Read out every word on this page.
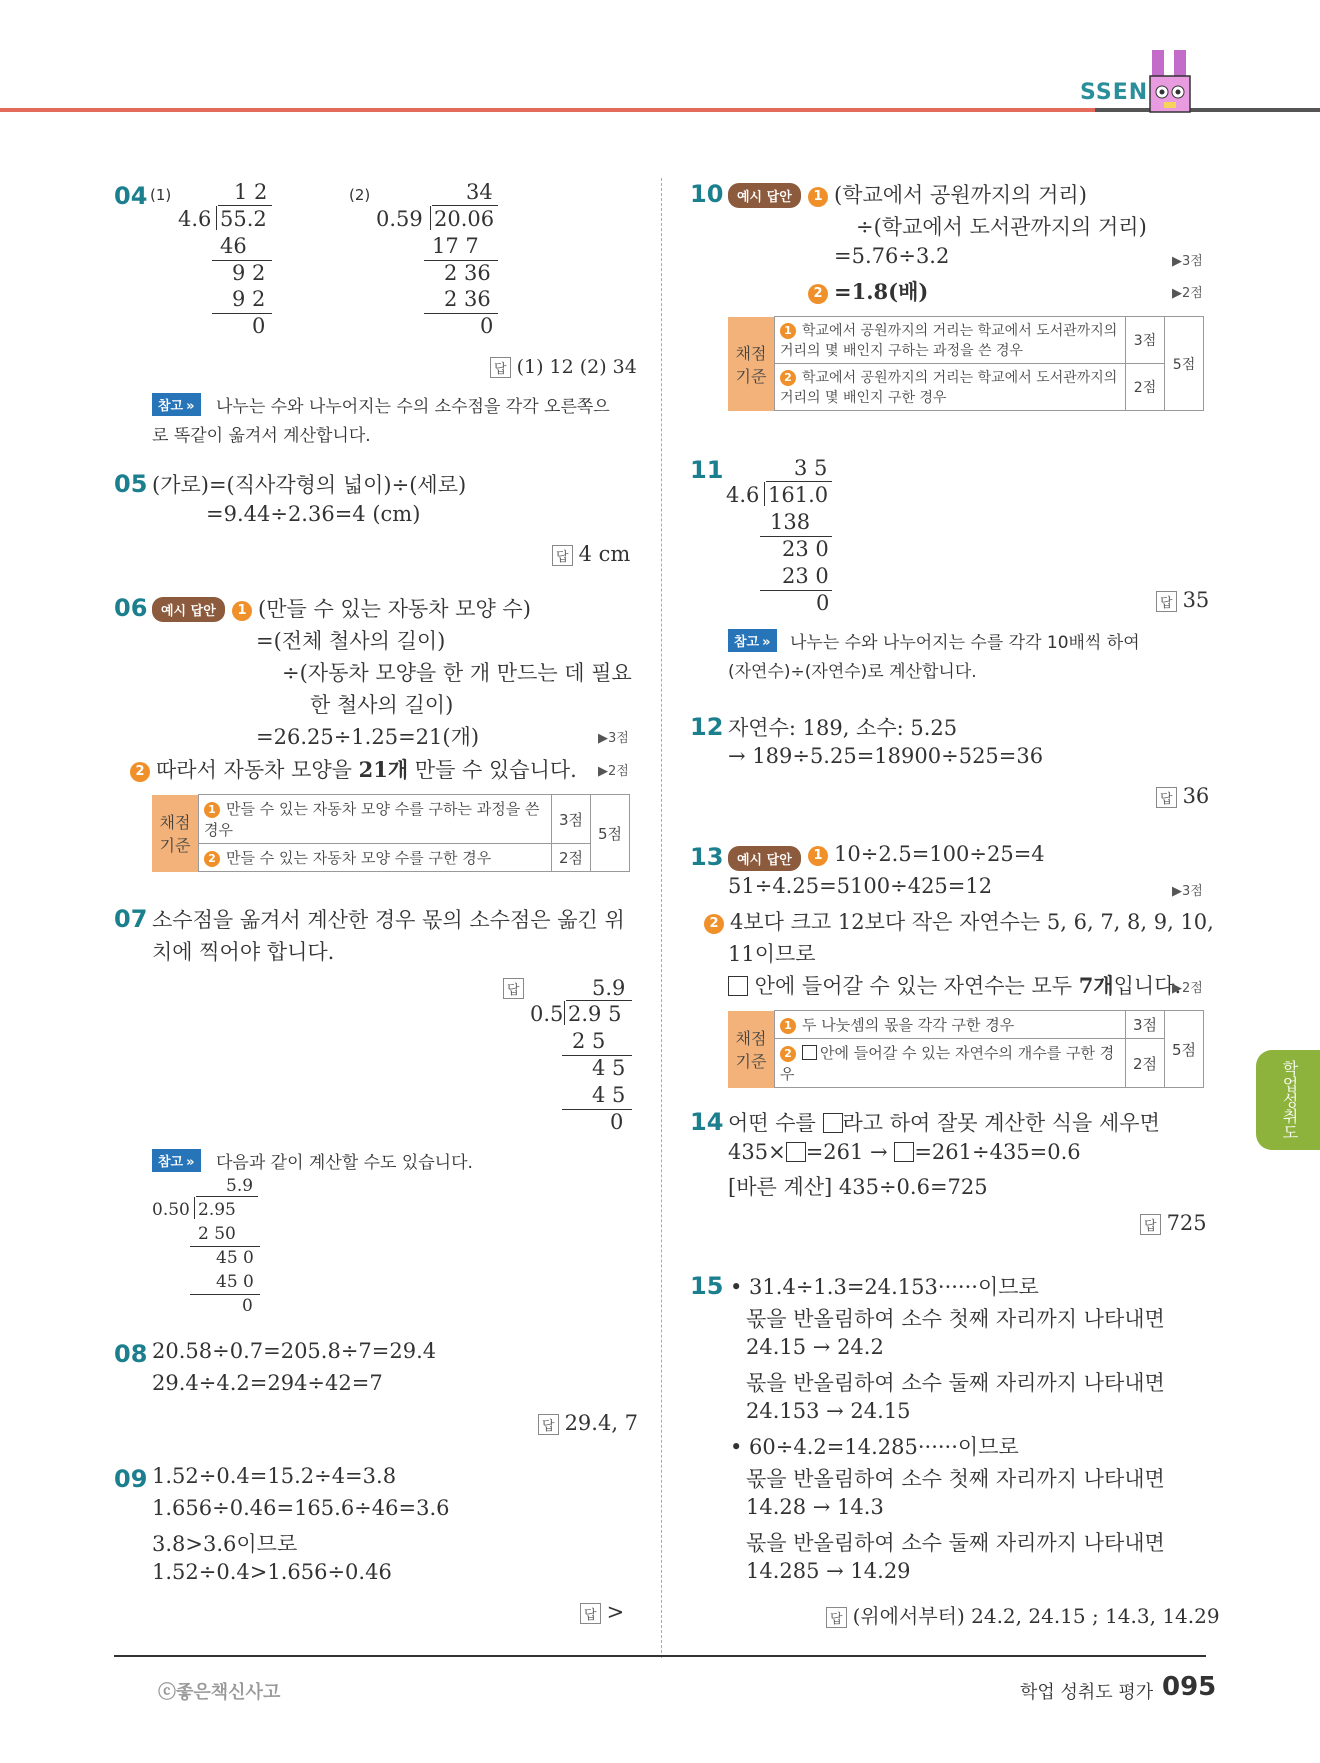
SSEN
04 (1)	1 2
4.6 55.2
46
9 2
9 2
0
(2)	34
0.59 20.06
17 7
2 36
2 36
0
답 (1) 12 (2) 34
참고 »	나누는 수와 나누어지는 수의 소수점을 각각 오른쪽으
로 똑같이 옮겨서 계산합니다.
05 (가로)=(직사각형의 넓이)÷(세로)
=9.44÷2.36=4 (cm)
답 4 cm
06	예시 답안	1 (만들 수 있는 자동차 모양 수)
=(전체 철사의 길이)
÷(자동차 모양을 한 개 만드는 데 필요
한 철사의 길이)
=26.25÷1.25=21(개)	▶3점
2 따라서 자동차 모양을 21개 만들 수 있습니다. ▶2점
채점 기준	1 만들 수 있는 자동차 모양 수를 구하는 과정을 쓴 경우	3점	5점
	2 만들 수 있는 자동차 모양 수를 구한 경우	2점	
07 소수점을 옮겨서 계산한 경우 몫의 소수점은 옮긴 위
치에 찍어야 합니다.
답	5.9
0.5 2.9 5
2 5
4 5
4 5
0
참고 »	다음과 같이 계산할 수도 있습니다.
5.9
0.50 2.95
2 50
45 0
45 0
0
08 20.58÷0.7=205.8÷7=29.4
29.4÷4.2=294÷42=7
답 29.4, 7
09 1.52÷0.4=15.2÷4=3.8
1.656÷0.46=165.6÷46=3.6
3.8>3.6이므로
1.52÷0.4>1.656÷0.46
답 >
10	예시 답안	1 (학교에서 공원까지의 거리)
÷(학교에서 도서관까지의 거리)
=5.76÷3.2	▶3점
2 =1.8(배)	▶2점
채점 기준	1 학교에서 공원까지의 거리는 학교에서 도서관까지의 거리의 몇 배인지 구하는 과정을 쓴 경우	3점	5점
	2 학교에서 공원까지의 거리는 학교에서 도서관까지의 거리의 몇 배인지 구한 경우	2점	
11	3 5
4.6 161.0
138
23 0
23 0
0	답 35
참고 »	나누는 수와 나누어지는 수를 각각 10배씩 하여
(자연수)÷(자연수)로 계산합니다.
12 자연수: 189, 소수: 5.25
→ 189÷5.25=18900÷525=36
답 36
13	예시 답안	1 10÷2.5=100÷25=4
51÷4.25=5100÷425=12	▶3점
2 4보다 크고 12보다 작은 자연수는 5, 6, 7, 8, 9, 10,
11이므로
안에 들어갈 수 있는 자연수는 모두 7개입니다.
▶2점
채점 기준	1 두 나눗셈의 몫을 각각 구한 경우	3점	5점
	2 안에 들어갈 수 있는 자연수의 개수를 구한 경우	2점	
14 어떤 수를 라고 하여 잘못 계산한 식을 세우면
435× =261 → =261÷435=0.6
[바른 계산] 435÷0.6=725
답 725
15 • 31.4÷1.3=24.153······이므로
몫을 반올림하여 소수 첫째 자리까지 나타내면
24.15 → 24.2
몫을 반올림하여 소수 둘째 자리까지 나타내면
24.153 → 24.15
• 60÷4.2=14.285······이므로
몫을 반올림하여 소수 첫째 자리까지 나타내면
14.28 → 14.3
몫을 반올림하여 소수 둘째 자리까지 나타내면
14.285 → 14.29
답 (위에서부터) 24.2, 24.15 ; 14.3, 14.29
학업성취도
ⓒ좋은책신사고	학업 성취도 평가 095
